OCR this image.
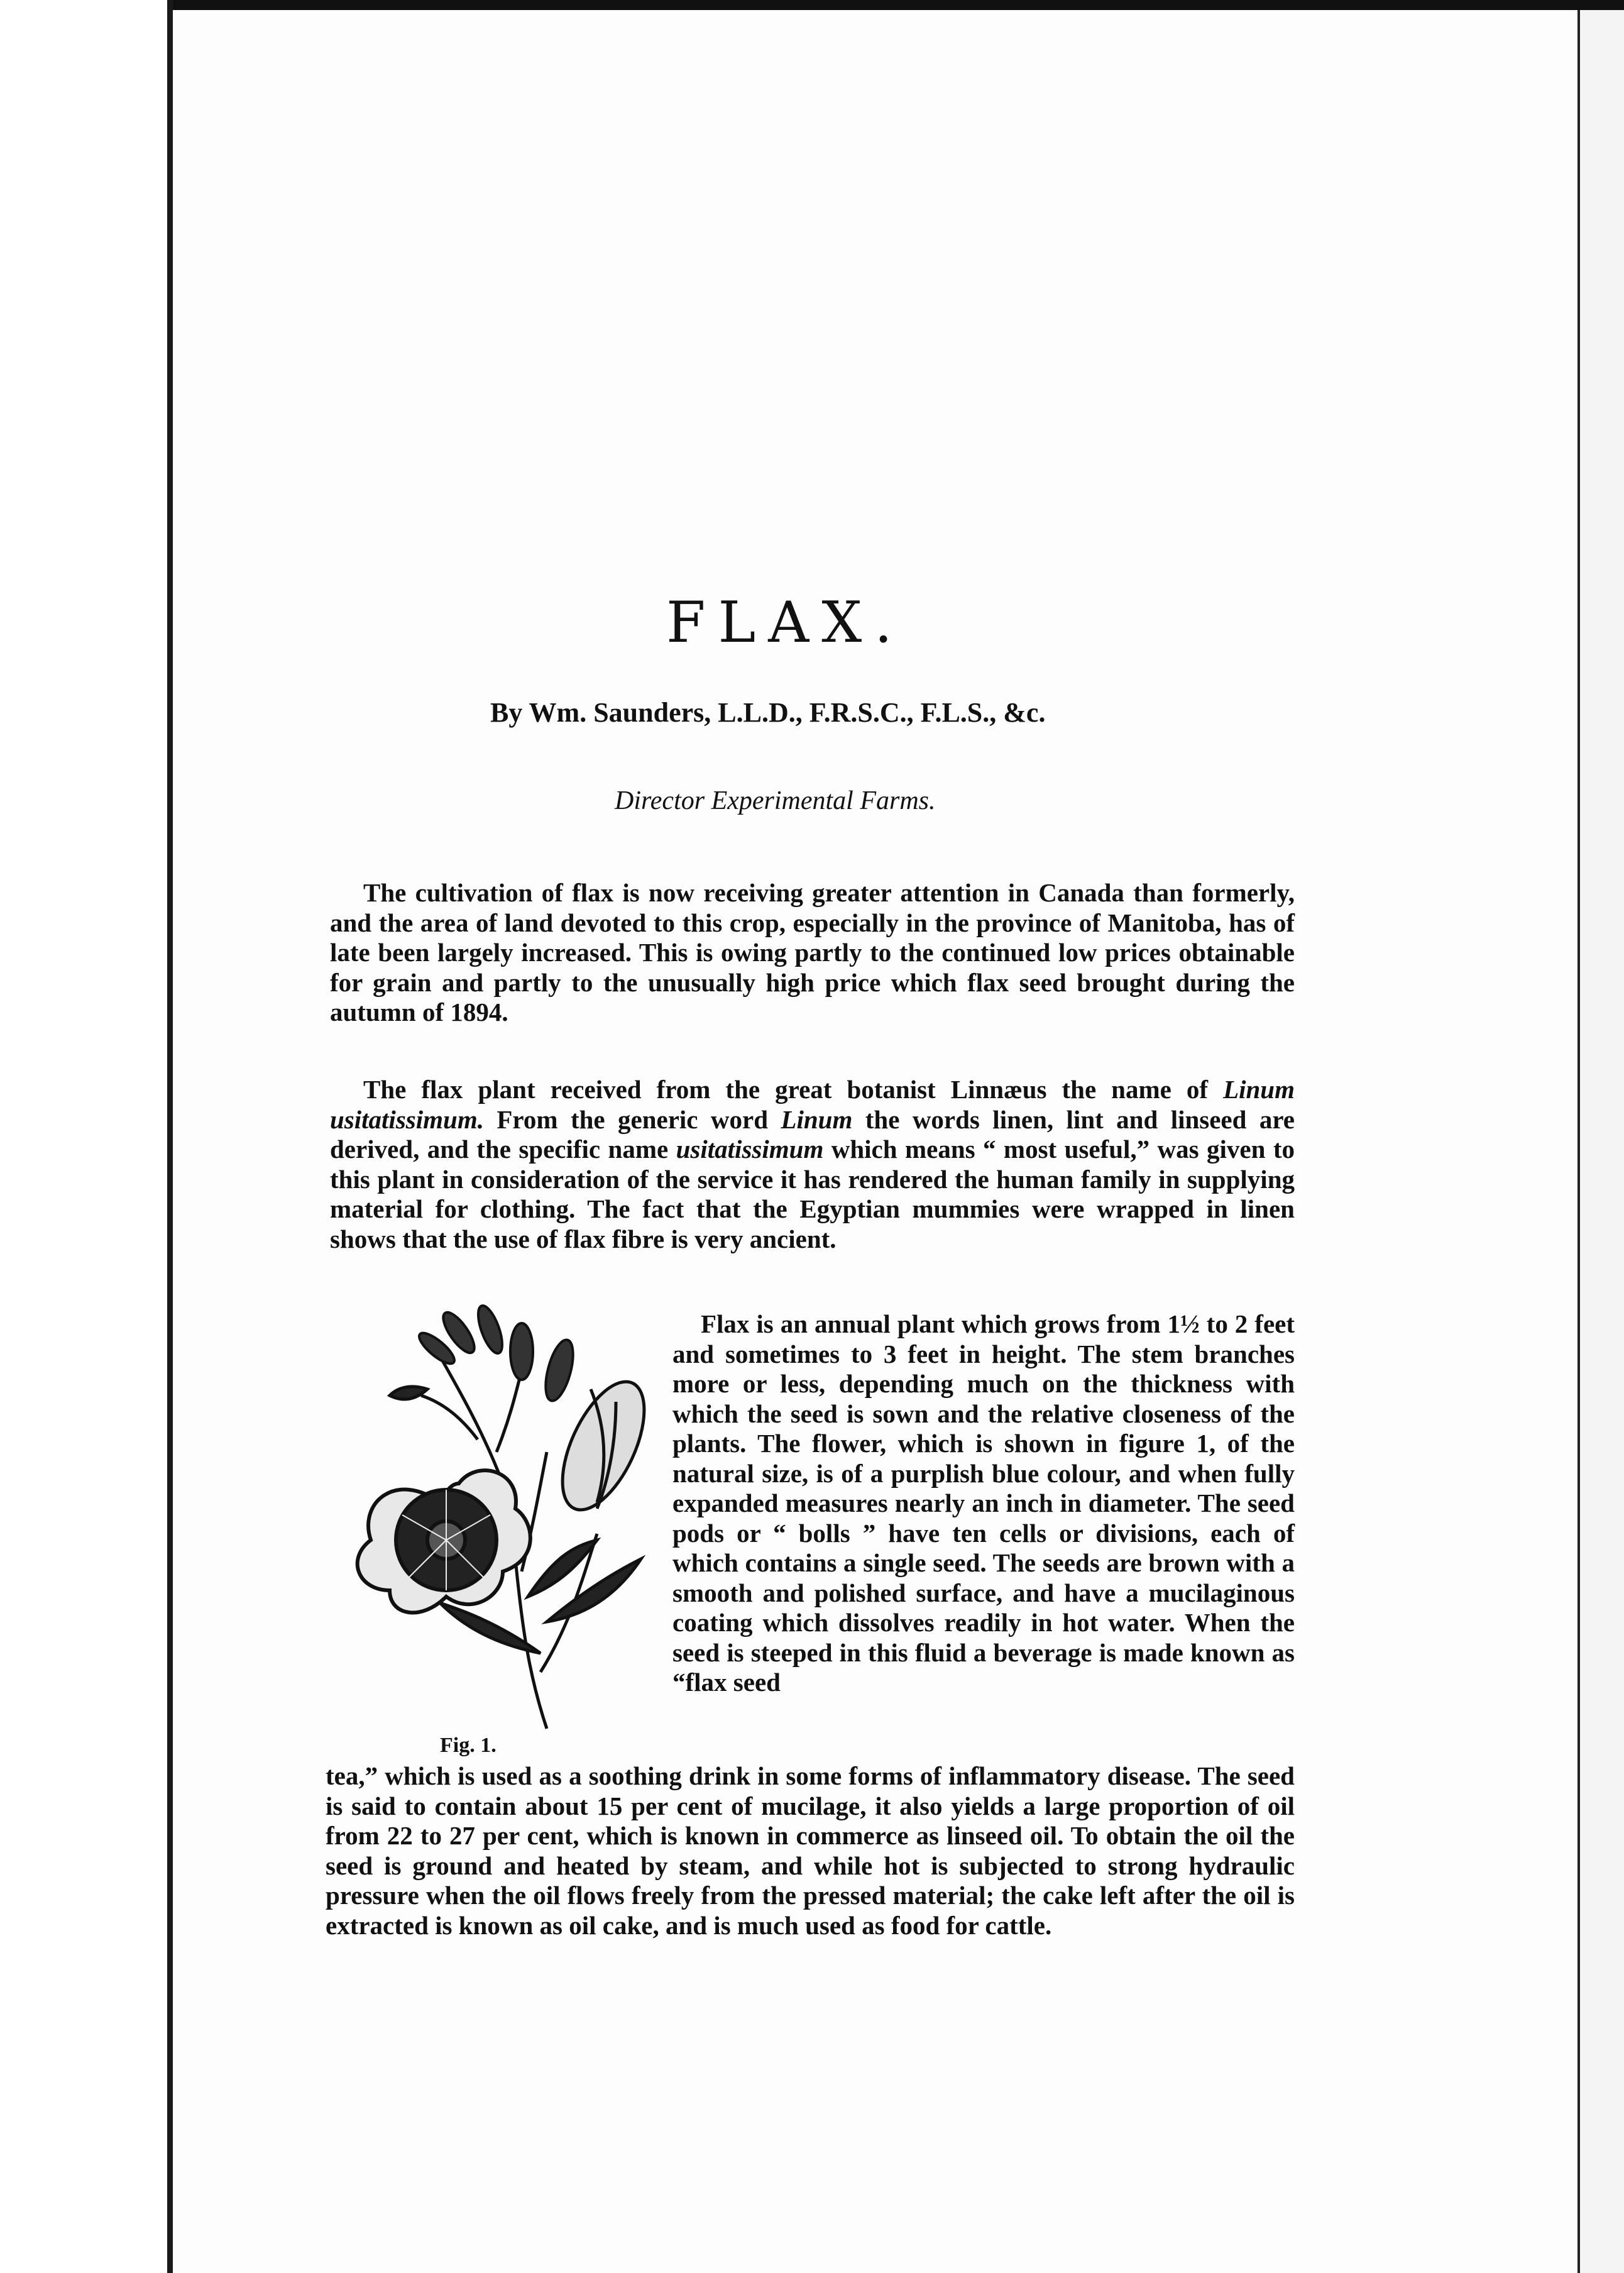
FLAX.
By Wm. Saunders, L.L.D., F.R.S.C., F.L.S., &c.
Director Experimental Farms.

The cultivation of flax is now receiving greater attention in Canada than formerly, and the area of land devoted to this crop, especially in the province of Manitoba, has of late been largely increased. This is owing partly to the continued low prices obtainable for grain and partly to the unusually high price which flax seed brought during the autumn of 1894.

The flax plant received from the great botanist Linnæus the name of Linum usitatissimum. From the generic word Linum the words linen, lint and linseed are derived, and the specific name usitatissimum which means “ most useful,” was given to this plant in consideration of the service it has rendered the human family in supplying material for clothing. The fact that the Egyptian mummies were wrapped in linen shows that the use of flax fibre is very ancient.

Fig. 1.

Flax is an annual plant which grows from 1½ to 2 feet and sometimes to 3 feet in height. The stem branches more or less, depending much on the thickness with which the seed is sown and the relative closeness of the plants. The flower, which is shown in figure 1, of the natural size, is of a purplish blue colour, and when fully expanded measures nearly an inch in diameter. The seed pods or “ bolls ” have ten cells or divisions, each of which contains a single seed. The seeds are brown with a smooth and polished surface, and have a mucilaginous coating which dissolves readily in hot water. When the seed is steeped in this fluid a beverage is made known as “flax seed

tea,” which is used as a soothing drink in some forms of inflammatory disease. The seed is said to contain about 15 per cent of mucilage, it also yields a large proportion of oil from 22 to 27 per cent, which is known in commerce as linseed oil. To obtain the oil the seed is ground and heated by steam, and while hot is subjected to strong hydraulic pressure when the oil flows freely from the pressed material; the cake left after the oil is extracted is known as oil cake, and is much used as food for cattle.
